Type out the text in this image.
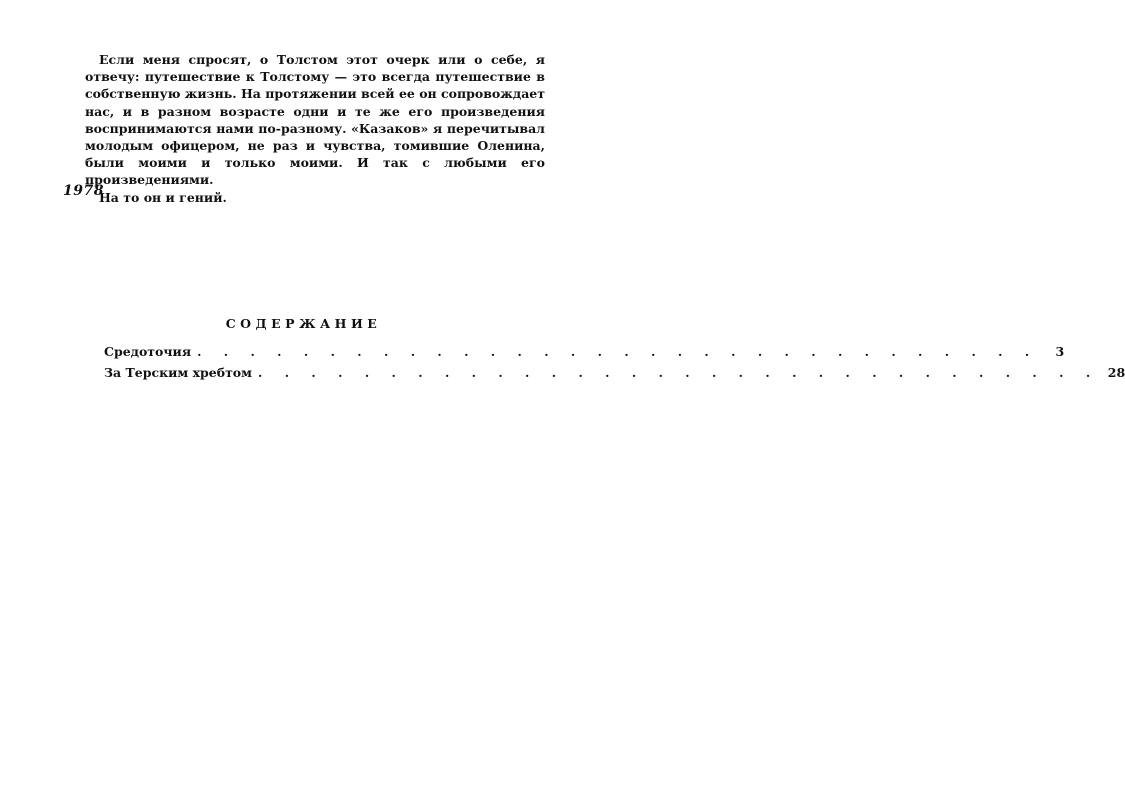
Если меня спросят, о Толстом этот очерк или о себе, я отвечу: путешествие к Толстому — это всегда путешествие в собственную жизнь. На протяжении всей ее он сопровождает нас, и в разном возрасте одни и те же его произведения воспринимаются нами по-разному. «Казаков» я перечитывал молодым офицером, не раз и чувства, томившие Оленина, были моими и только моими. И так с любыми его произведениями.

На то он и гений.

1978
СОДЕРЖАНИЕ
Средоточия . . . . . . . . . . . . . . . . . . . . . . . . . . . . . . . .	3
За Терским хребтом . . . . . . . . . . . . . . . . . . . . . . . . . . . . . . . . 28
